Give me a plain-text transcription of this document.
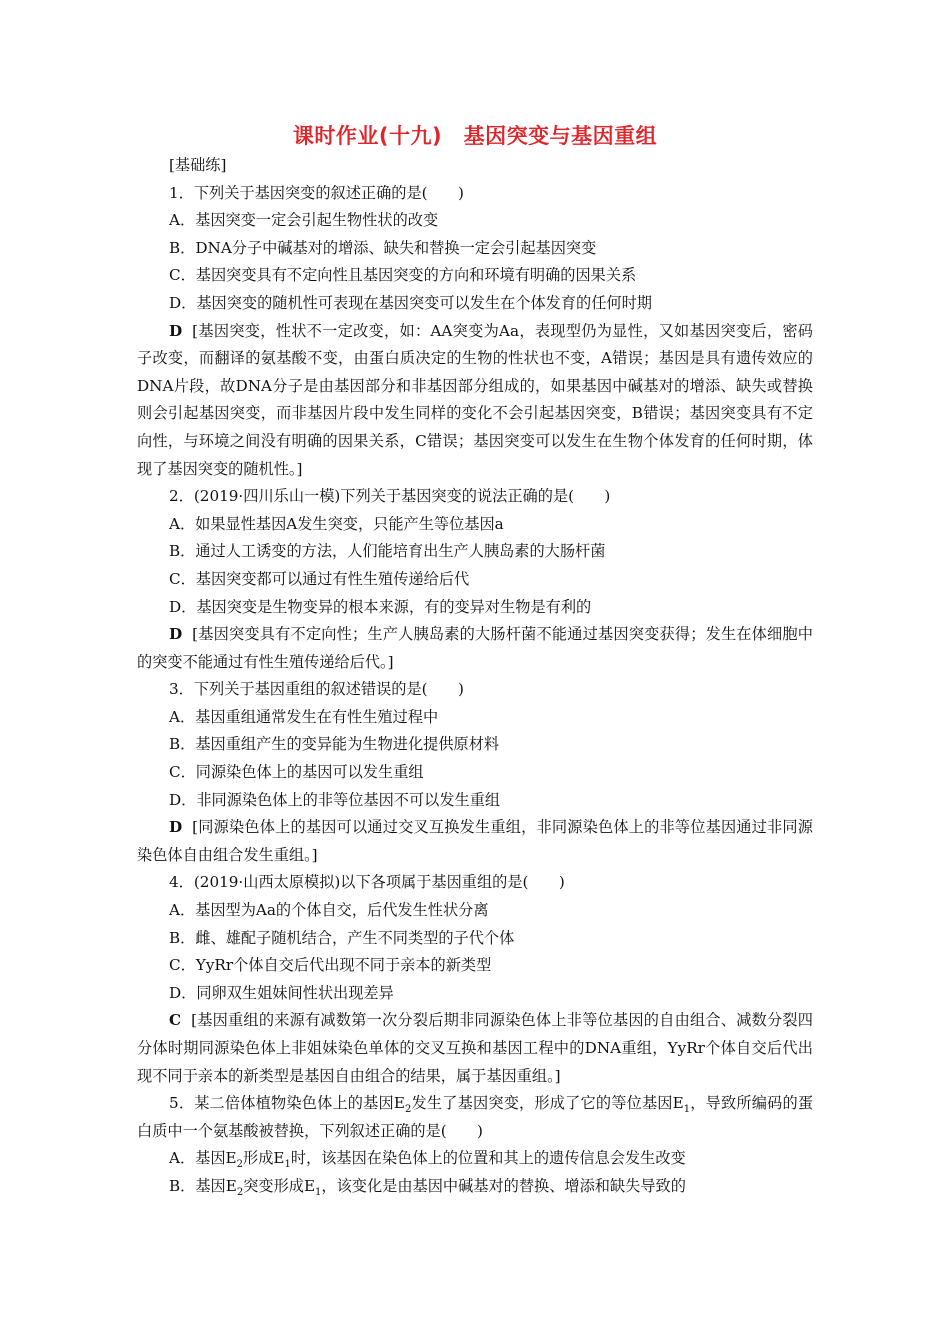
课时作业(十九)　基因突变与基因重组
[基础练]
1．下列关于基因突变的叙述正确的是(　　)
A．基因突变一定会引起生物性状的改变
B．DNA分子中碱基对的增添、缺失和替换一定会引起基因突变
C．基因突变具有不定向性且基因突变的方向和环境有明确的因果关系
D．基因突变的随机性可表现在基因突变可以发生在个体发育的任何时期
D [基因突变，性状不一定改变，如：AA突变为Aa，表现型仍为显性，又如基因突变后，密码子改变，而翻译的氨基酸不变，由蛋白质决定的生物的性状也不变，A错误；基因是具有遗传效应的DNA片段，故DNA分子是由基因部分和非基因部分组成的，如果基因中碱基对的增添、缺失或替换则会引起基因突变，而非基因片段中发生同样的变化不会引起基因突变，B错误；基因突变具有不定向性，与环境之间没有明确的因果关系，C错误；基因突变可以发生在生物个体发育的任何时期，体现了基因突变的随机性。]
2．(2019·四川乐山一模)下列关于基因突变的说法正确的是(　　)
A．如果显性基因A发生突变，只能产生等位基因a
B．通过人工诱变的方法，人们能培育出生产人胰岛素的大肠杆菌
C．基因突变都可以通过有性生殖传递给后代
D．基因突变是生物变异的根本来源，有的变异对生物是有利的
D [基因突变具有不定向性；生产人胰岛素的大肠杆菌不能通过基因突变获得；发生在体细胞中的突变不能通过有性生殖传递给后代。]
3．下列关于基因重组的叙述错误的是(　　)
A．基因重组通常发生在有性生殖过程中
B．基因重组产生的变异能为生物进化提供原材料
C．同源染色体上的基因可以发生重组
D．非同源染色体上的非等位基因不可以发生重组
D [同源染色体上的基因可以通过交叉互换发生重组，非同源染色体上的非等位基因通过非同源染色体自由组合发生重组。]
4．(2019·山西太原模拟)以下各项属于基因重组的是(　　)
A．基因型为Aa的个体自交，后代发生性状分离
B．雌、雄配子随机结合，产生不同类型的子代个体
C．YyRr个体自交后代出现不同于亲本的新类型
D．同卵双生姐妹间性状出现差异
C [基因重组的来源有减数第一次分裂后期非同源染色体上非等位基因的自由组合、减数分裂四分体时期同源染色体上非姐妹染色单体的交叉互换和基因工程中的DNA重组，YyRr个体自交后代出现不同于亲本的新类型是基因自由组合的结果，属于基因重组。]
5．某二倍体植物染色体上的基因$E_2$发生了基因突变，形成了它的等位基因$E_1$，导致所编码的蛋白质中一个氨基酸被替换，下列叙述正确的是(　　)
A．基因$E_2$形成$E_1$时，该基因在染色体上的位置和其上的遗传信息会发生改变
B．基因$E_2$突变形成$E_1$，该变化是由基因中碱基对的替换、增添和缺失导致的
